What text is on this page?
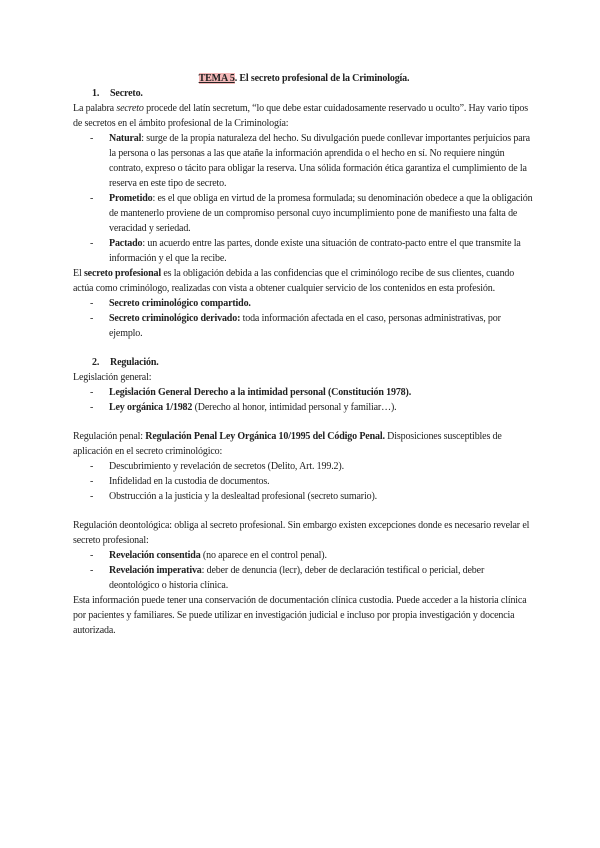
TEMA 5. El secreto profesional de la Criminología.

1. Secreto.

La palabra secreto procede del latín secretum, “lo que debe estar cuidadosamente reservado u oculto”. Hay vario tipos de secretos en el ámbito profesional de la Criminología:

- Natural: surge de la propia naturaleza del hecho. Su divulgación puede conllevar importantes perjuicios para la persona o las personas a las que atañe la información aprendida o el hecho en sí. No requiere ningún contrato, expreso o tácito para obligar la reserva. Una sólida formación ética garantiza el cumplimiento de la reserva en este tipo de secreto.
- Prometido: es el que obliga en virtud de la promesa formulada; su denominación obedece a que la obligación de mantenerlo proviene de un compromiso personal cuyo incumplimiento pone de manifiesto una falta de veracidad y seriedad.
- Pactado: un acuerdo entre las partes, donde existe una situación de contrato-pacto entre el que transmite la información y el que la recibe.

El secreto profesional es la obligación debida a las confidencias que el criminólogo recibe de sus clientes, cuando actúa como criminólogo, realizadas con vista a obtener cualquier servicio de los contenidos en esta profesión.

- Secreto criminológico compartido.
- Secreto criminológico derivado: toda información afectada en el caso, personas administrativas, por ejemplo.

2. Regulación.

Legislación general:

- Legislación General Derecho a la intimidad personal (Constitución 1978).
- Ley orgánica 1/1982 (Derecho al honor, intimidad personal y familiar…).

Regulación penal: Regulación Penal Ley Orgánica 10/1995 del Código Penal. Disposiciones susceptibles de aplicación en el secreto criminológico:

- Descubrimiento y revelación de secretos (Delito, Art. 199.2).
- Infidelidad en la custodia de documentos.
- Obstrucción a la justicia y la deslealtad profesional (secreto sumario).

Regulación deontológica: obliga al secreto profesional. Sin embargo existen excepciones donde es necesario revelar el secreto profesional:

- Revelación consentida (no aparece en el control penal).
- Revelación imperativa: deber de denuncia (lecr), deber de declaración testifical o pericial, deber deontológico o historia clínica.

Esta información puede tener una conservación de documentación clínica custodia. Puede acceder a la historia clínica por pacientes y familiares. Se puede utilizar en investigación judicial e incluso por propia investigación y docencia autorizada.
